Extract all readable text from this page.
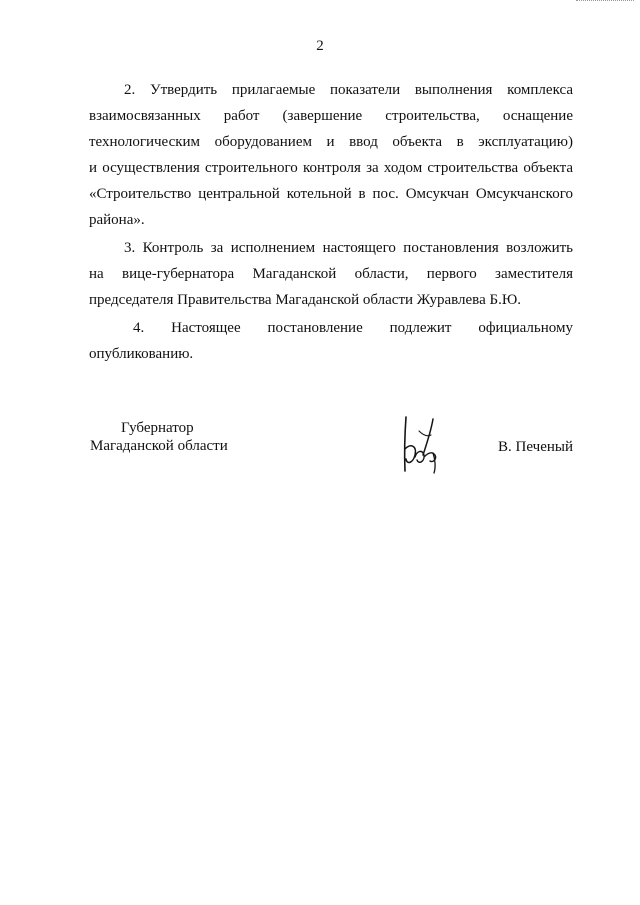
2

2. Утвердить прилагаемые показатели выполнения комплекса
взаимосвязанных работ (завершение строительства, оснащение
технологическим оборудованием и ввод объекта в эксплуатацию)
и осуществления строительного контроля за ходом строительства объекта
«Строительство центральной котельной в пос. Омсукчан Омсукчанского
района».

3. Контроль за исполнением настоящего постановления возложить
на вице-губернатора Магаданской области, первого заместителя
председателя Правительства Магаданской области Журавлева Б.Ю.

4. Настоящее постановление подлежит официальному
опубликованию.

Губернатор
Магаданской области	В. Печеный
